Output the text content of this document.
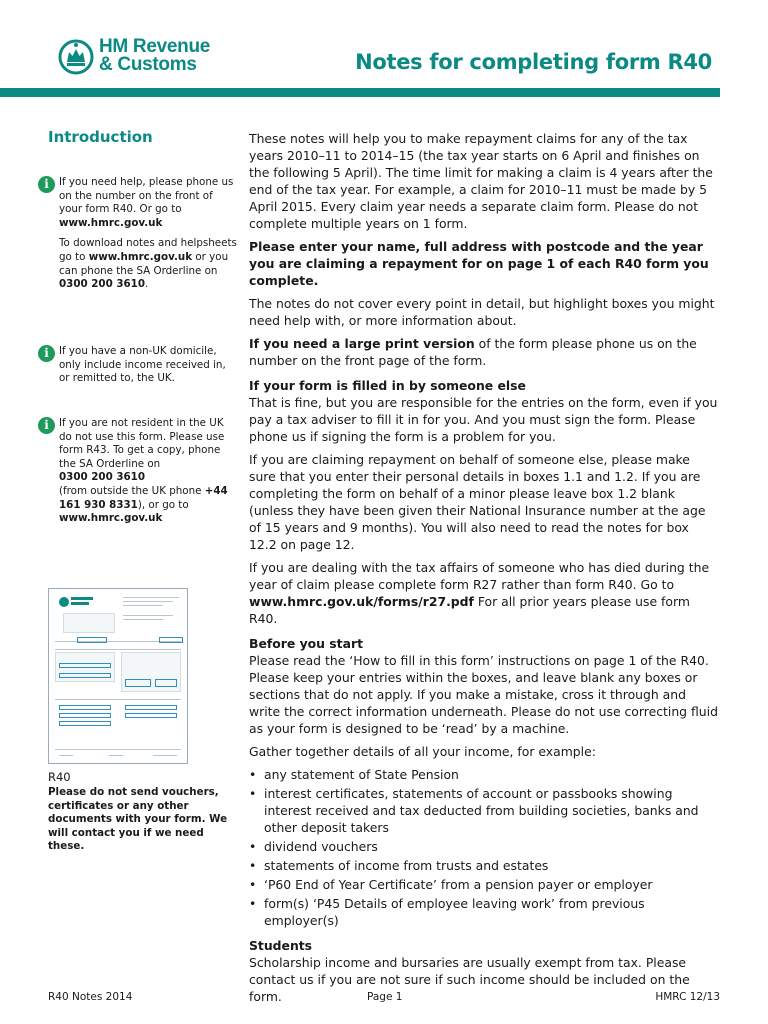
HM Revenue
& Customs	Notes for completing form R40
Introduction
i If you need help, please phone us on the number on the front of your form R40. Or go to
www.hmrc.gov.uk

To download notes and helpsheets go to www.hmrc.gov.uk or you can phone the SA Orderline on 0300 200 3610.

i If you have a non-UK domicile, only include income received in, or remitted to, the UK.

i If you are not resident in the UK do not use this form. Please use form R43. To get a copy, phone the SA Orderline on
0300 200 3610
(from outside the UK phone +44 161 930 8331), or go to www.hmrc.gov.uk

R40
Please do not send vouchers, certificates or any other documents with your form. We will contact you if we need these.

These notes will help you to make repayment claims for any of the tax years 2010–11 to 2014–15 (the tax year starts on 6 April and finishes on the following 5 April). The time limit for making a claim is 4 years after the end of the tax year. For example, a claim for 2010–11 must be made by 5 April 2015. Every claim year needs a separate claim form. Please do not complete multiple years on 1 form.

Please enter your name, full address with postcode and the year you are claiming a repayment for on page 1 of each R40 form you complete.

The notes do not cover every point in detail, but highlight boxes you might need help with, or more information about.

If you need a large print version of the form please phone us on the number on the front page of the form.

If your form is filled in by someone else

That is fine, but you are responsible for the entries on the form, even if you pay a tax adviser to fill it in for you. And you must sign the form. Please phone us if signing the form is a problem for you.

If you are claiming repayment on behalf of someone else, please make sure that you enter their personal details in boxes 1.1 and 1.2. If you are completing the form on behalf of a minor please leave box 1.2 blank (unless they have been given their National Insurance number at the age of 15 years and 9 months). You will also need to read the notes for box 12.2 on page 12.

If you are dealing with the tax affairs of someone who has died during the year of claim please complete form R27 rather than form R40. Go to
www.hmrc.gov.uk/forms/r27.pdf For all prior years please use form R40.

Before you start

Please read the ‘How to fill in this form’ instructions on page 1 of the R40. Please keep your entries within the boxes, and leave blank any boxes or sections that do not apply. If you make a mistake, cross it through and write the correct information underneath. Please do not use correcting fluid as your form is designed to be ‘read’ by a machine.

Gather together details of all your income, for example:

• any statement of State Pension
• interest certificates, statements of account or passbooks showing interest received and tax deducted from building societies, banks and other deposit takers
• dividend vouchers
• statements of income from trusts and estates
• ‘P60 End of Year Certificate’ from a pension payer or employer
• form(s) ‘P45 Details of employee leaving work’ from previous employer(s)
Students

Scholarship income and bursaries are usually exempt from tax. Please contact us if you are not sure if such income should be included on the form.

R40 Notes 2014	Page 1	HMRC 12/13
